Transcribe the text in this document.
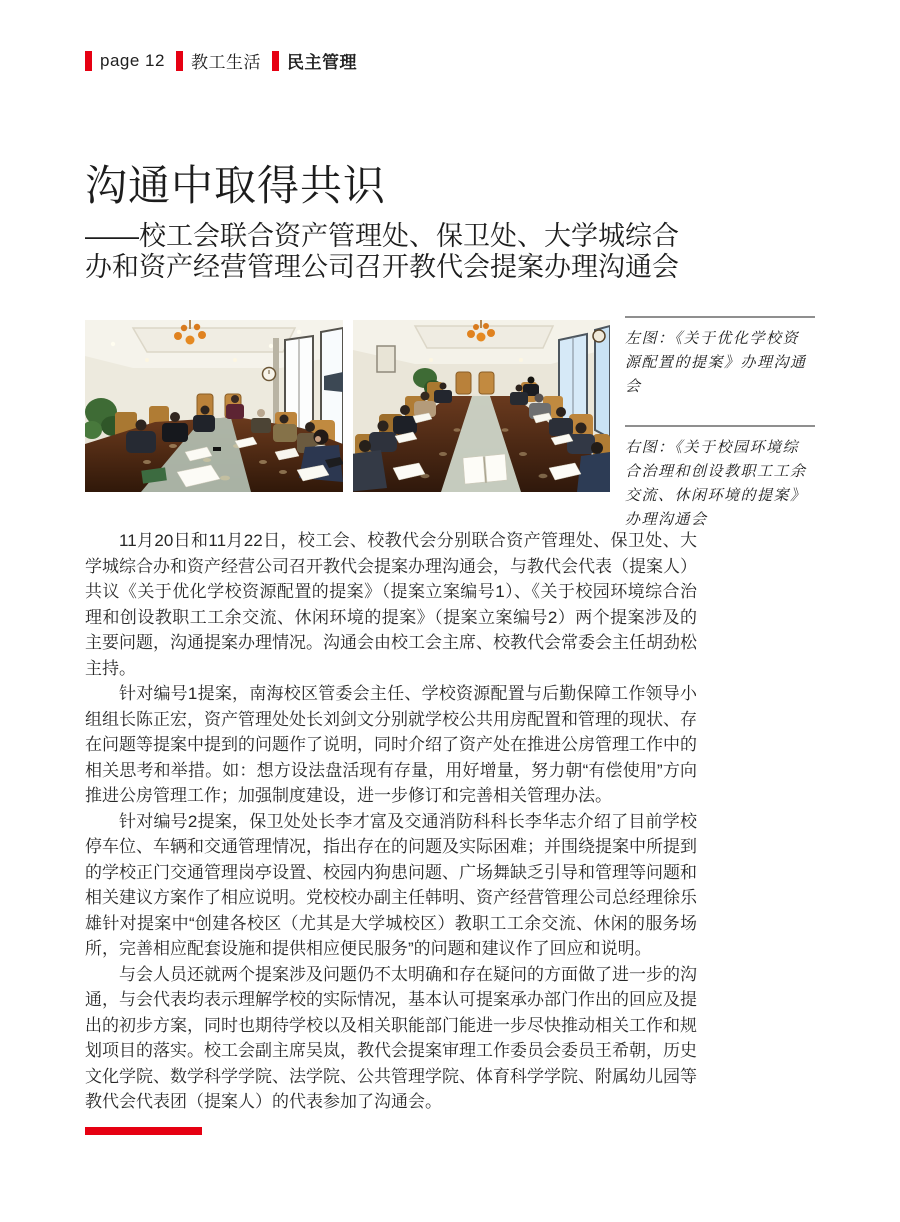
page 12 教工生活 民主管理
沟通中取得共识
——校工会联合资产管理处、保卫处、大学城综合
办和资产经营管理公司召开教代会提案办理沟通会
左图：《关于优化学校资源配置的提案》办理沟通会
右图：《关于校园环境综合治理和创设教职工工余交流、休闲环境的提案》办理沟通会

11月20日和11月22日，校工会、校教代会分别联合资产管理处、保卫处、大学城综合办和资产经营公司召开教代会提案办理沟通会，与教代会代表（提案人）共议《关于优化学校资源配置的提案》（提案立案编号1）、《关于校园环境综合治理和创设教职工工余交流、休闲环境的提案》（提案立案编号2）两个提案涉及的主要问题，沟通提案办理情况。沟通会由校工会主席、校教代会常委会主任胡劲松主持。

针对编号1提案，南海校区管委会主任、学校资源配置与后勤保障工作领导小组组长陈正宏，资产管理处处长刘剑文分别就学校公共用房配置和管理的现状、存在问题等提案中提到的问题作了说明，同时介绍了资产处在推进公房管理工作中的相关思考和举措。如：想方设法盘活现有存量，用好增量，努力朝“有偿使用”方向推进公房管理工作；加强制度建设，进一步修订和完善相关管理办法。

针对编号2提案，保卫处处长李才富及交通消防科科长李华志介绍了目前学校停车位、车辆和交通管理情况，指出存在的问题及实际困难；并围绕提案中所提到的学校正门交通管理岗亭设置、校园内狗患问题、广场舞缺乏引导和管理等问题和相关建议方案作了相应说明。党校校办副主任韩明、资产经营管理公司总经理徐乐雄针对提案中“创建各校区（尤其是大学城校区）教职工工余交流、休闲的服务场所，完善相应配套设施和提供相应便民服务”的问题和建议作了回应和说明。

与会人员还就两个提案涉及问题仍不太明确和存在疑问的方面做了进一步的沟通，与会代表均表示理解学校的实际情况，基本认可提案承办部门作出的回应及提出的初步方案，同时也期待学校以及相关职能部门能进一步尽快推动相关工作和规划项目的落实。校工会副主席吴岚，教代会提案审理工作委员会委员王希朝，历史文化学院、数学科学学院、法学院、公共管理学院、体育科学学院、附属幼儿园等教代会代表团（提案人）的代表参加了沟通会。
